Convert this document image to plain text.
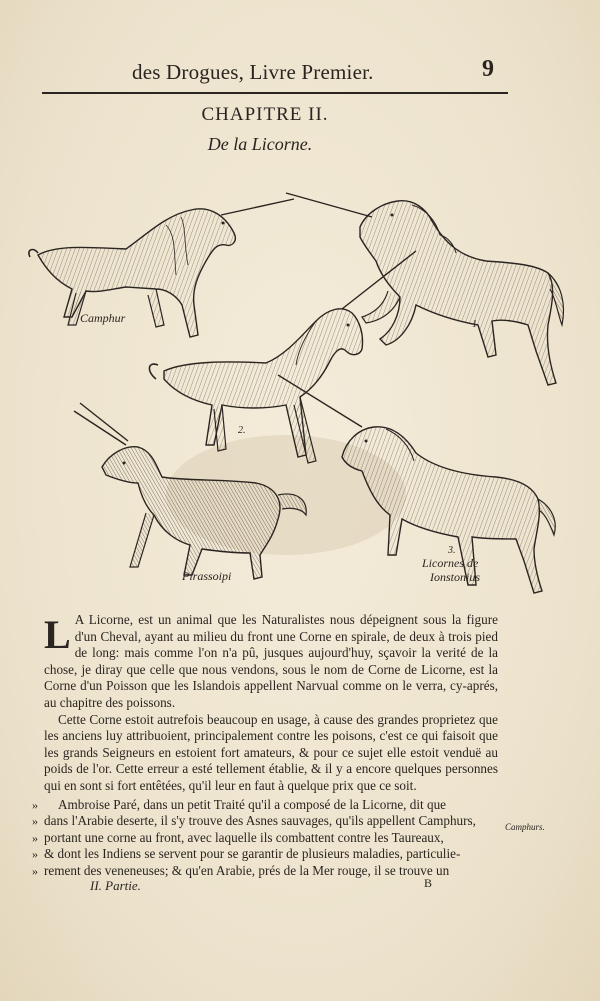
des Drogues, Livre Premier.	9
CHAPITRE II.
De la Licorne.
Camphur	1
2.
Pirassoipi
3.
Licornes de
Ionstonius

L A Licorne, est un animal que les Naturalistes nous dépeignent sous la figure d'un Cheval, ayant au milieu du front une Corne en spirale, de deux à trois pied de long: mais comme l'on n'a pû, jusques aujourd'huy, sçavoir la verité de la chose, je diray que celle que nous vendons, sous le nom de Corne de Licorne, est la Corne d'un Poisson que les Islandois appellent Narvual comme on le verra, cy-aprés, au chapitre des poissons.

Cette Corne estoit autrefois beaucoup en usage, à cause des grandes proprietez que les anciens luy attribuoient, principalement contre les poisons, c'est ce qui faisoit que les grands Seigneurs en estoient fort amateurs, & pour ce sujet elle estoit venduë au poids de l'or. Cette erreur a esté tellement établie, & il y a encore quelques personnes qui en sont si fort entêtées, qu'il leur en faut à quelque prix que ce soit.

» Ambroise Paré, dans un petit Traité qu'il a composé de la Licorne, dit que
» dans l'Arabie deserte, il s'y trouve des Asnes sauvages, qu'ils appellent Camphurs,
» portant une corne au front, avec laquelle ils combattent contre les Taureaux,
» & dont les Indiens se servent pour se garantir de plusieurs maladies, particulie-
» rement des veneneuses; & qu'en Arabie, prés de la Mer rouge, il se trouve un
Camphurs.
II. Partie.	B
